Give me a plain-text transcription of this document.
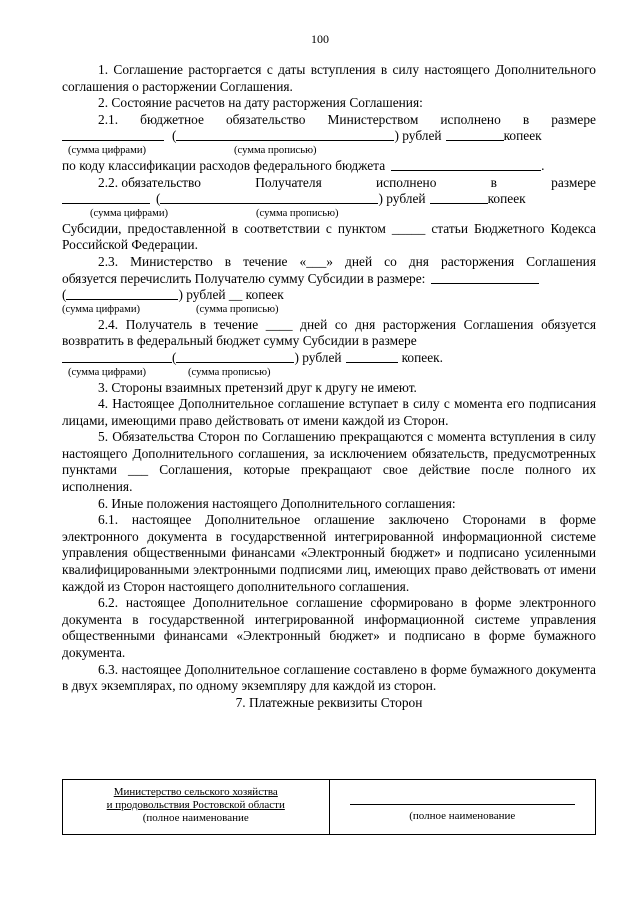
100

1. Соглашение расторгается с даты вступления в силу настоящего Дополнительного соглашения о расторжении Соглашения.

2. Состояние расчетов на дату расторжения Соглашения:

2.1. бюджетное обязательство Министерством исполнено в размере

(	) рублей	копеек
(сумма цифрами)	(сумма прописью)
по коду классификации расходов федерального бюджета	.
2.2. обязательство	Получателя	исполнено	в	размере
(	) рублей	копеек
(сумма цифрами)	(сумма прописью)

Субсидии, предоставленной в соответствии с пунктом _____ статьи Бюджетного Кодекса Российской Федерации.

2.3. Министерство в течение «___» дней со дня расторжения Соглашения

обязуется перечислить Получателю сумму Субсидии в размере:
(	) рублей __ копеек
(сумма цифрами)	(сумма прописью)

2.4. Получатель в течение ____ дней со дня расторжения Соглашения обязуется возвратить в федеральный бюджет сумму Субсидии в размере

(	) рублей	копеек.
(сумма цифрами)	(сумма прописью)

3. Стороны взаимных претензий друг к другу не имеют.

4. Настоящее Дополнительное соглашение вступает в силу с момента его подписания лицами, имеющими право действовать от имени каждой из Сторон.

5. Обязательства Сторон по Соглашению прекращаются с момента вступления в силу настоящего Дополнительного соглашения, за исключением обязательств, предусмотренных пунктами ___ Соглашения, которые прекращают свое действие после полного их исполнения.

6. Иные положения настоящего Дополнительного соглашения:

6.1. настоящее Дополнительное оглашение заключено Сторонами в форме электронного документа в государственной интегрированной информационной системе управления общественными финансами «Электронный бюджет» и подписано усиленными квалифицированными электронными подписями лиц, имеющих право действовать от имени каждой из Сторон настоящего дополнительного соглашения.

6.2. настоящее Дополнительное соглашение сформировано в форме электронного документа в государственной интегрированной информационной системе управления общественными финансами «Электронный бюджет» и подписано в форме бумажного документа.

6.3. настоящее Дополнительное соглашение составлено в форме бумажного документа в двух экземплярах, по одному экземпляру для каждой из сторон.

7. Платежные реквизиты Сторон

Министерство сельского хозяйства
и продовольствия Ростовской области
(полное наименование	(полное наименование
